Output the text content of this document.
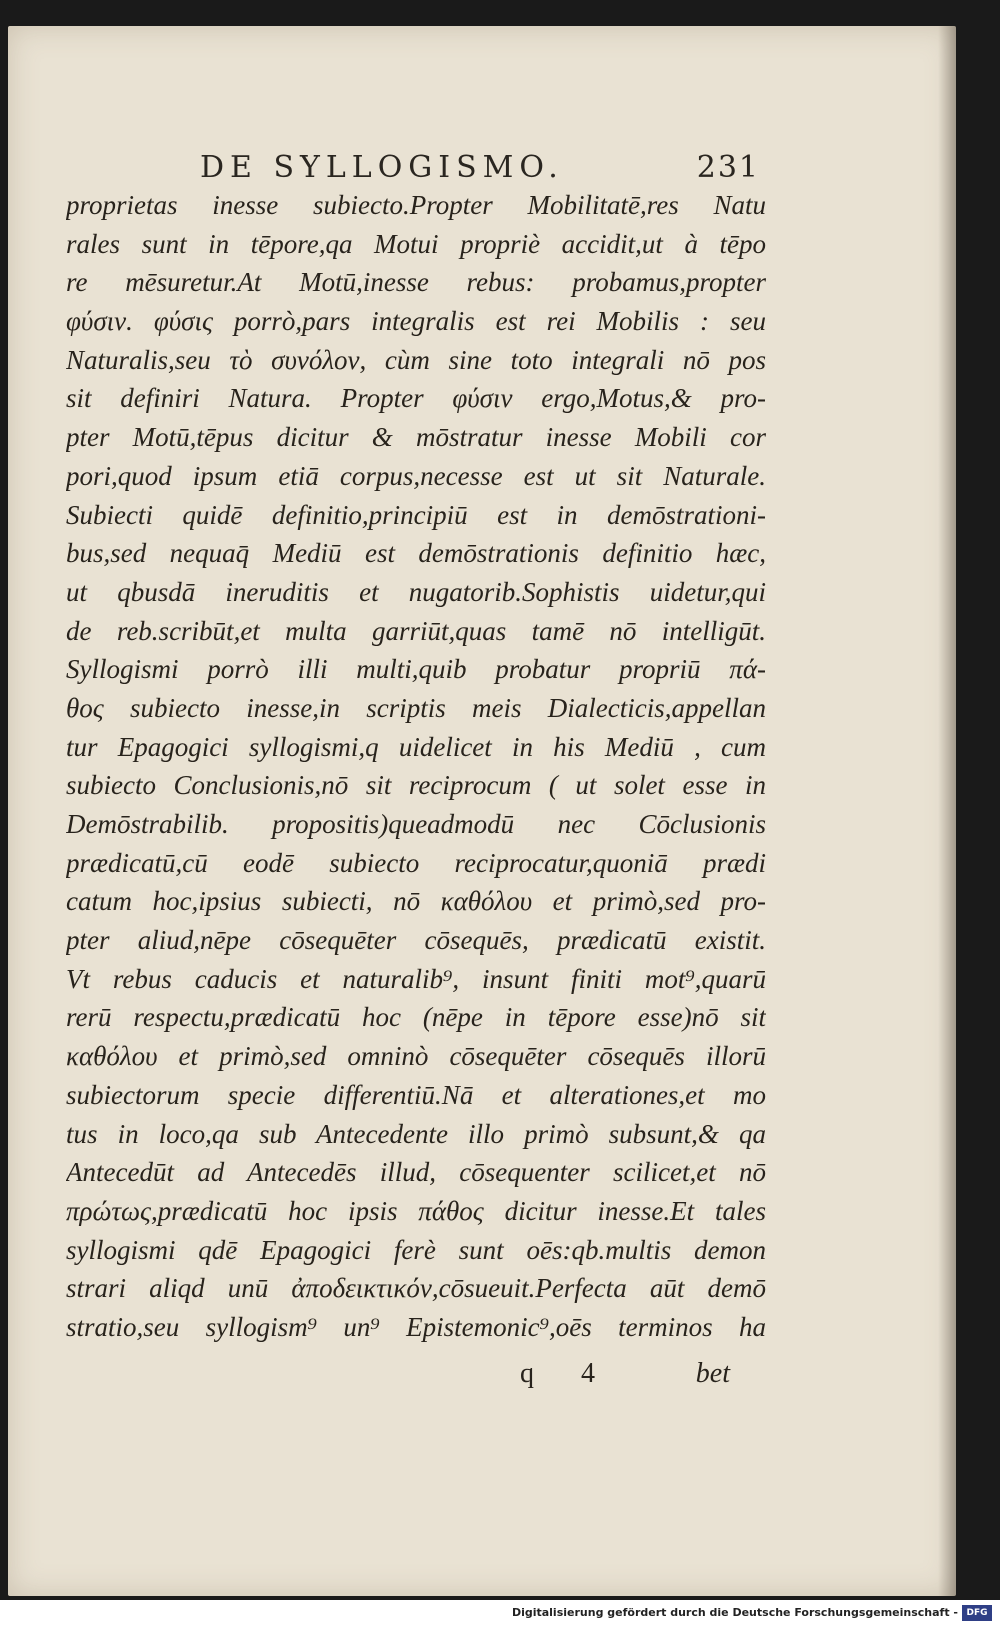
DE SYLLOGISMO.	231
proprietas inesse subiecto.Propter Mobilitatē,res Natu
rales sunt in tēpore,qa Motui propriè accidit,ut à tēpo
re mēsuretur.At Motū,inesse rebus: probamus,propter
φύσιν. φύσις porrò,pars integralis est rei Mobilis : seu
Naturalis,seu τὸ συνόλον, cùm sine toto integrali nō pos
sit definiri Natura. Propter φύσιν ergo,Motus,& pro-
pter Motū,tēpus dicitur & mōstratur inesse Mobili cor
pori,quod ipsum etiā corpus,necesse est ut sit Naturale.
Subiecti quidē definitio,principiū est in demōstrationi-
bus,sed nequaq̄ Mediū est demōstrationis definitio hæc,
ut qbusdā ineruditis et nugatorib.Sophistis uidetur,qui
de reb.scribūt,et multa garriūt,quas tamē nō intelligūt.
Syllogismi porrò illi multi,quib probatur propriū πά-
θος subiecto inesse,in scriptis meis Dialecticis,appellan
tur Epagogici syllogismi,q uidelicet in his Mediū , cum
subiecto Conclusionis,nō sit reciprocum ( ut solet esse in
Demōstrabilib. propositis)queadmodū nec Cōclusionis
prædicatū,cū eodē subiecto reciprocatur,quoniā prædi
catum hoc,ipsius subiecti, nō καθόλου et primò,sed pro-
pter aliud,nēpe cōsequēter cōsequēs, prædicatū existit.
Vt rebus caducis et naturalib⁹, insunt finiti mot⁹,quarū
rerū respectu,prædicatū hoc (nēpe in tēpore esse)nō sit
καθόλου et primò,sed omninò cōsequēter cōsequēs illorū
subiectorum specie differentiū.Nā et alterationes,et mo
tus in loco,qa sub Antecedente illo primò subsunt,& qa
Antecedūt ad Antecedēs illud, cōsequenter scilicet,et nō
πρώτως,prædicatū hoc ipsis πάθος dicitur inesse.Et tales
syllogismi qdē Epagogici ferè sunt oēs:qb.multis demon
strari aliqd unū ἀποδεικτικόν,cōsueuit.Perfecta aūt demō
stratio,seu syllogism⁹ un⁹ Epistemonic⁹,oēs terminos ha
q 4	bet
Digitalisierung gefördert durch die Deutsche Forschungsgemeinschaft - DFG
